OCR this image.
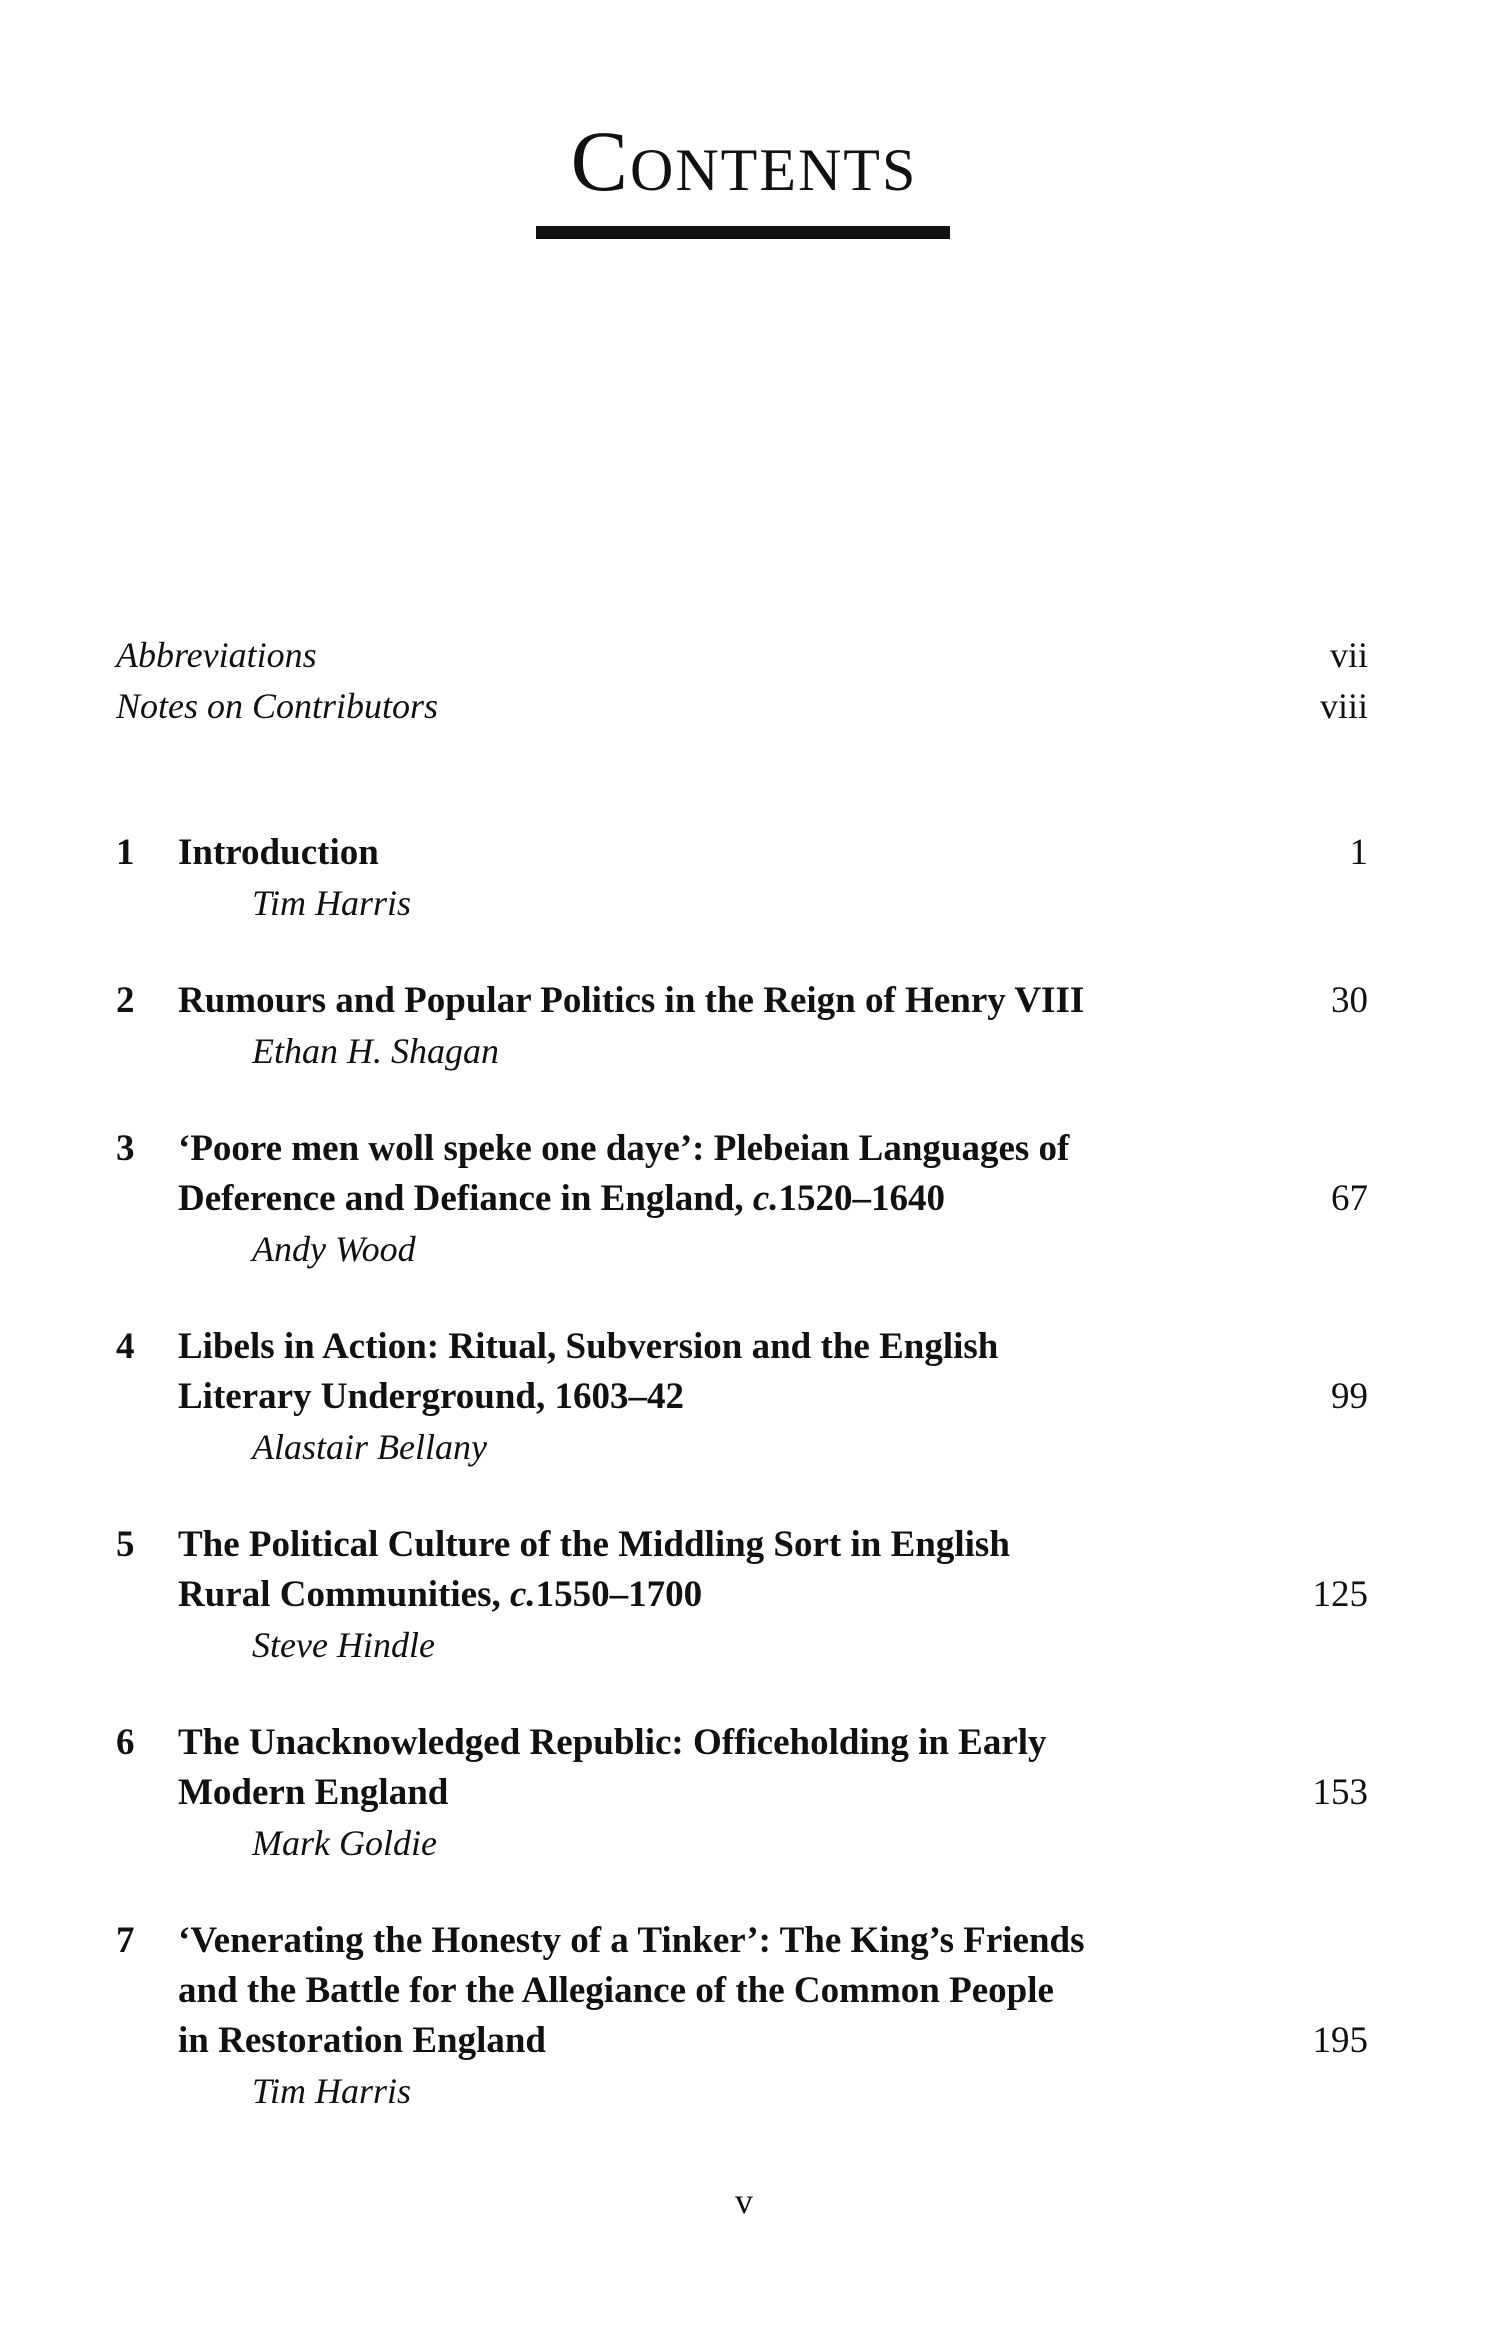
Contents
Abbreviations	vii
Notes on Contributors	viii
1	Introduction	1
Tim Harris
2	Rumours and Popular Politics in the Reign of Henry VIII	30
Ethan H. Shagan
3	‘Poore men woll speke one daye’: Plebeian Languages of
Deference and Defiance in England, c.1520–1640	67
Andy Wood
4	Libels in Action: Ritual, Subversion and the English
Literary Underground, 1603–42	99
Alastair Bellany
5	The Political Culture of the Middling Sort in English
Rural Communities, c.1550–1700	125
Steve Hindle
6	The Unacknowledged Republic: Officeholding in Early
Modern England	153
Mark Goldie
7	‘Venerating the Honesty of a Tinker’: The King’s Friends
and the Battle for the Allegiance of the Common People
in Restoration England	195
Tim Harris
v
